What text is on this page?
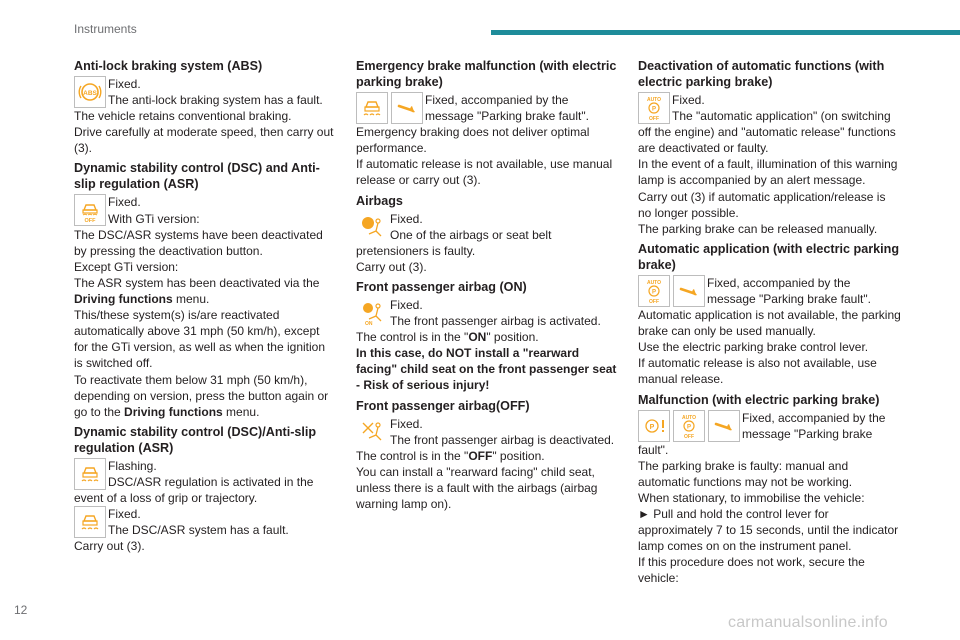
Instruments
Anti-lock braking system (ABS)
ABS

Fixed.

The anti-lock braking system has a fault.

The vehicle retains conventional braking.

Drive carefully at moderate speed, then carry out (3).

Dynamic stability control (DSC) and Anti-slip regulation (ASR)
OFF

Fixed.

With GTi version:

The DSC/ASR systems have been deactivated by pressing the deactivation button.

Except GTi version:

The ASR system has been deactivated via the Driving functions menu.

This/these system(s) is/are reactivated automatically above 31 mph (50 km/h), except for the GTi version, as well as when the ignition is switched off.

To reactivate them below 31 mph (50 km/h), depending on version, press the button again or go to the Driving functions menu.

Dynamic stability control (DSC)/Anti-slip regulation (ASR)

Flashing.

DSC/ASR regulation is activated in the event of a loss of grip or trajectory.

Fixed.

The DSC/ASR system has a fault.

Carry out (3).

Emergency brake malfunction (with electric parking brake)

Fixed, accompanied by the message "Parking brake fault".

Emergency braking does not deliver optimal performance.

If automatic release is not available, use manual release or carry out (3).

Airbags

Fixed.

One of the airbags or seat belt pretensioners is faulty.

Carry out (3).

Front passenger airbag (ON)
ON

Fixed.

The front passenger airbag is activated.

The control is in the "ON" position.

In this case, do NOT install a "rearward facing" child seat on the front passenger seat - Risk of serious injury!

Front passenger airbag(OFF)

Fixed.

The front passenger airbag is deactivated.

The control is in the "OFF" position.

You can install a "rearward facing" child seat, unless there is a fault with the airbags (airbag warning lamp on).

Deactivation of automatic functions (with electric parking brake)
AUTO
P
OFF

Fixed.

The "automatic application" (on switching off the engine) and "automatic release" functions are deactivated or faulty.

In the event of a fault, illumination of this warning lamp is accompanied by an alert message.

Carry out (3) if automatic application/release is no longer possible.

The parking brake can be released manually.

Automatic application (with electric parking brake)
AUTO
P
OFF

Fixed, accompanied by the message "Parking brake fault".

Automatic application is not available, the parking brake can only be used manually.

Use the electric parking brake control lever.

If automatic release is also not available, use manual release.

Malfunction (with electric parking brake)
P
AUTO
P
OFF

Fixed, accompanied by the message "Parking brake fault".

The parking brake is faulty: manual and automatic functions may not be working.

When stationary, to immobilise the vehicle:

► Pull and hold the control lever for approximately 7 to 15 seconds, until the indicator lamp comes on on the instrument panel.

If this procedure does not work, secure the vehicle:

12
carmanualsonline.info
